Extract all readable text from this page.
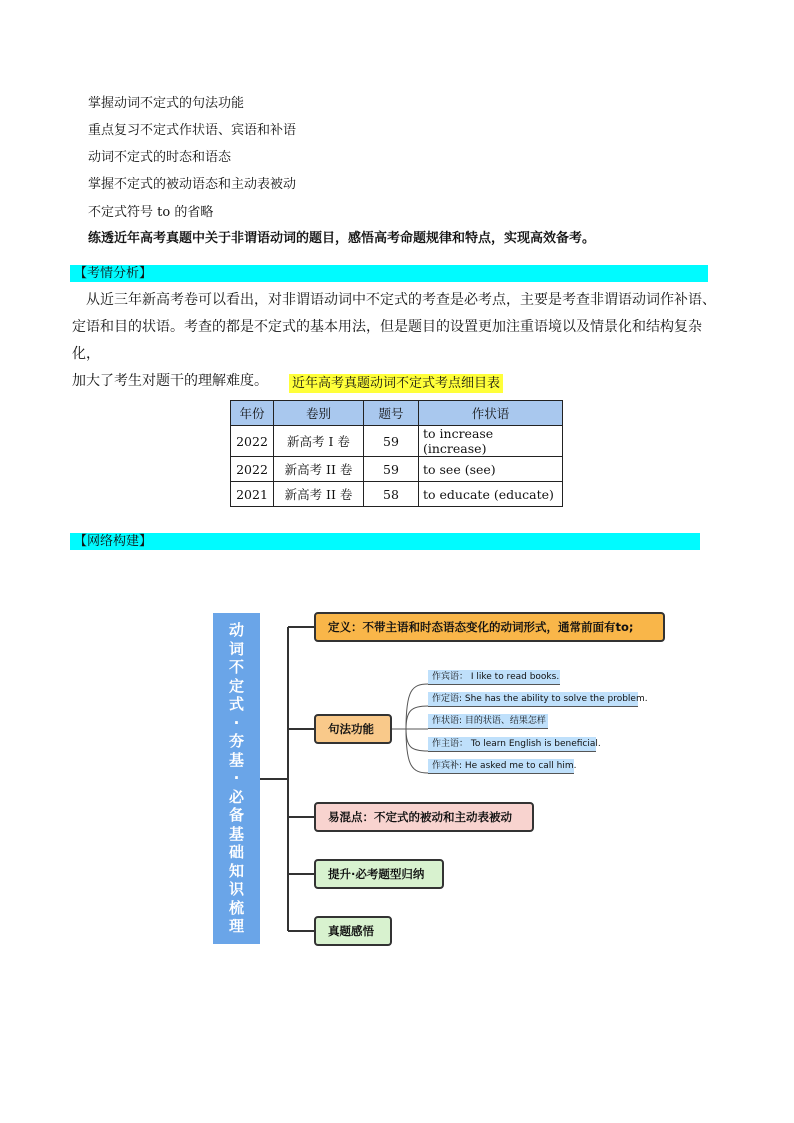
掌握动词不定式的句法功能
重点复习不定式作状语、宾语和补语
动词不定式的时态和语态
掌握不定式的被动语态和主动表被动
不定式符号 to 的省略
练透近年高考真题中关于非谓语动词的题目，感悟高考命题规律和特点，实现高效备考。
【考情分析】
从近三年新高考卷可以看出，对非谓语动词中不定式的考查是必考点，主要是考查非谓语动词作补语、
定语和目的状语。考查的都是不定式的基本用法，但是题目的设置更加注重语境以及情景化和结构复杂化，
加大了考生对题干的理解难度。	近年高考真题动词不定式考点细目表
年份	卷别	题号	作状语
2022	新高考 I 卷	59	to increase (increase)
2022	新高考 II 卷	59	to see (see)
2021	新高考 II 卷	58	to educate (educate)
【网络构建】
动
词
不
定
式
·
夯
基
·
必
备
基
础
知
识
梳
理
定义：不带主语和时态语态变化的动词形式，通常前面有to;
句法功能
作宾语： I like to read books.
作定语: She has the ability to solve the problem.
作状语: 目的状语、结果怎样
作主语： To learn English is beneficial.
作宾补: He asked me to call him.
易混点：不定式的被动和主动表被动
提升·必考题型归纳
真题感悟
